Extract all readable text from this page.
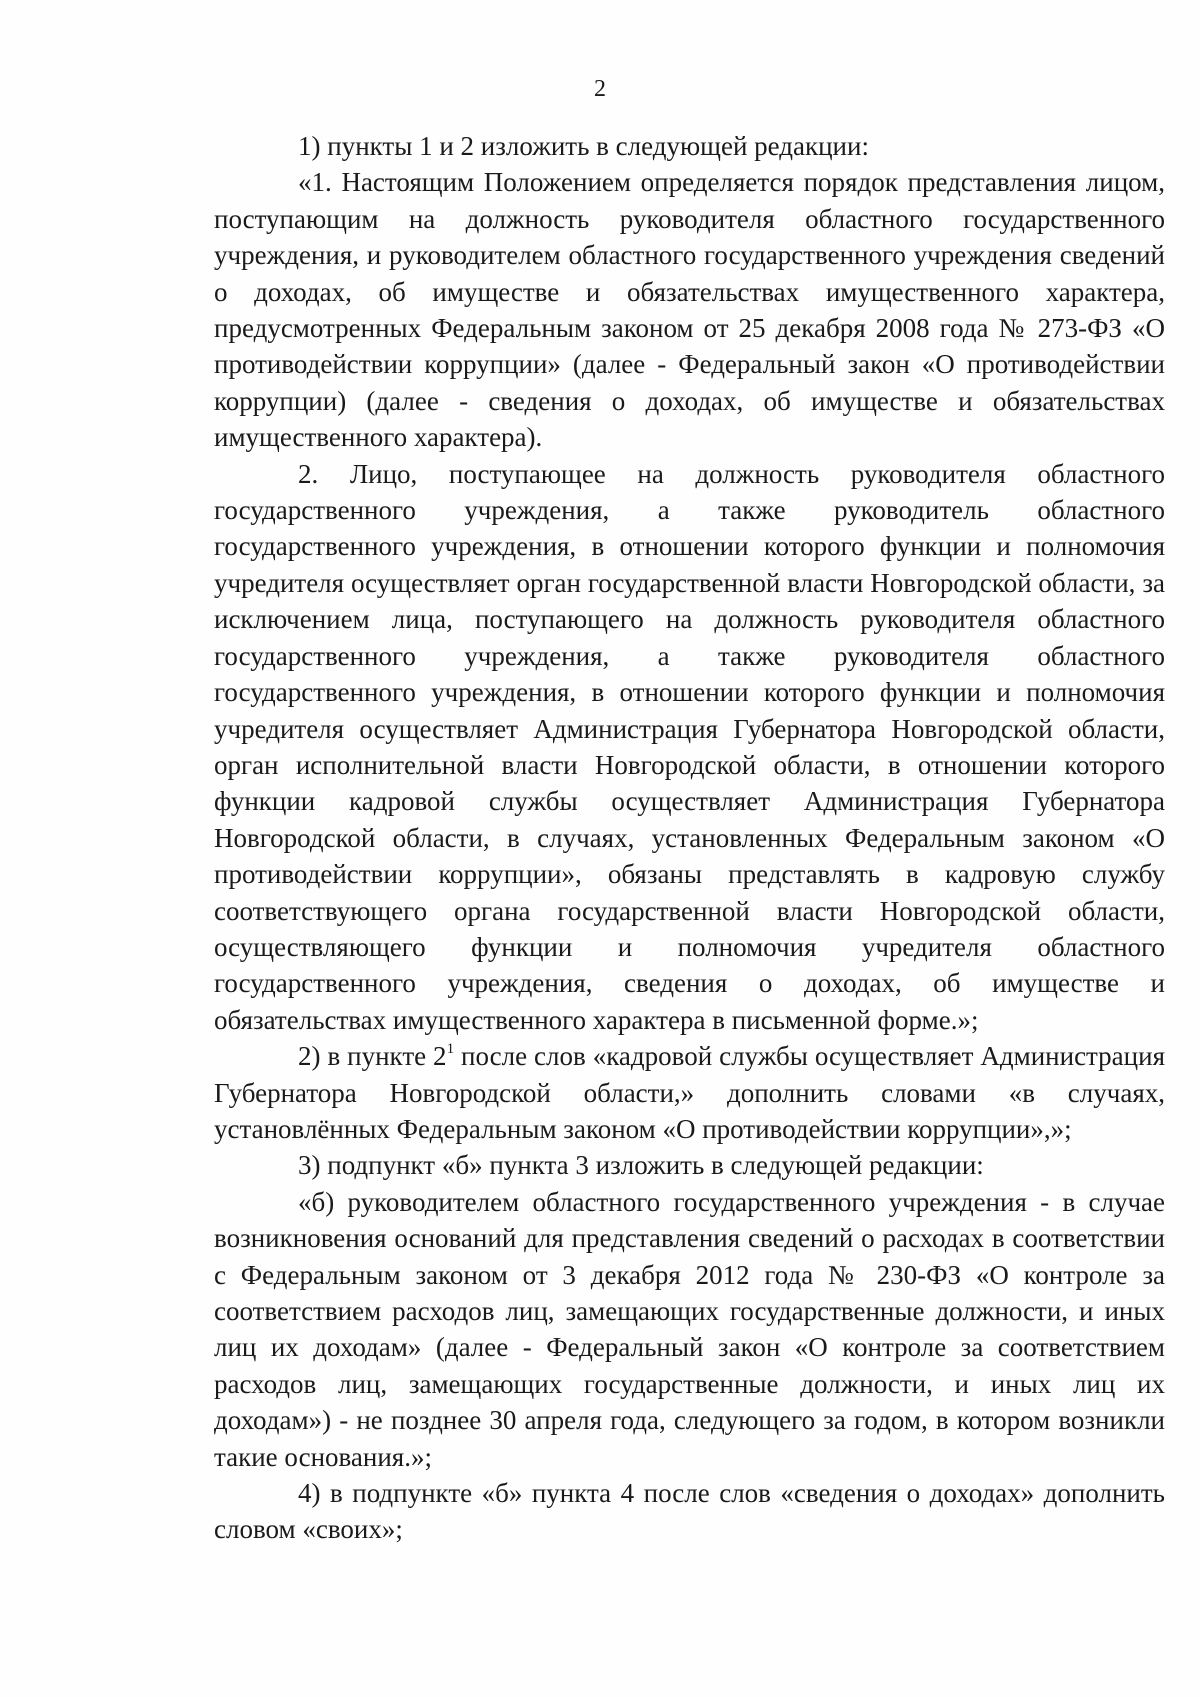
2

1) пункты 1 и 2 изложить в следующей редакции:

«1. Настоящим Положением определяется порядок представления лицом, поступающим на должность руководителя областного государственного учреждения, и руководителем областного государственного учреждения сведений о доходах, об имуществе и обязательствах имущественного характера, предусмотренных Федеральным законом от 25 декабря 2008 года № 273-ФЗ «О противодействии коррупции» (далее - Федеральный закон «О противодействии коррупции) (далее - сведения о доходах, об имуществе и обязательствах имущественного характера).

2. Лицо, поступающее на должность руководителя областного государственного учреждения, а также руководитель областного государственного учреждения, в отношении которого функции и полномочия учредителя осуществляет орган государственной власти Новгородской области, за исключением лица, поступающего на должность руководителя областного государственного учреждения, а также руководителя областного государственного учреждения, в отношении которого функции и полномочия учредителя осуществляет Администрация Губернатора Новгородской области, орган исполнительной власти Новгородской области, в отношении которого функции кадровой службы осуществляет Администрация Губернатора Новгородской области, в случаях, установленных Федеральным законом «О противодействии коррупции», обязаны представлять в кадровую службу соответствующего органа государственной власти Новгородской области, осуществляющего функции и полномочия учредителя областного государственного учреждения, сведения о доходах, об имуществе и обязательствах имущественного характера в письменной форме.»;

2) в пункте $2^1$ после слов «кадровой службы осуществляет Администрация Губернатора Новгородской области,» дополнить словами «в случаях, установлённых Федеральным законом «О противодействии коррупции»,»;

3) подпункт «б» пункта 3 изложить в следующей редакции:

«б) руководителем областного государственного учреждения - в случае возникновения оснований для представления сведений о расходах в соответствии с Федеральным законом от 3 декабря 2012 года № 230-ФЗ «О контроле за соответствием расходов лиц, замещающих государственные должности, и иных лиц их доходам» (далее - Федеральный закон «О контроле за соответствием расходов лиц, замещающих государственные должности, и иных лиц их доходам») - не позднее 30 апреля года, следующего за годом, в котором возникли такие основания.»;

4) в подпункте «б» пункта 4 после слов «сведения о доходах» дополнить словом «своих»;
